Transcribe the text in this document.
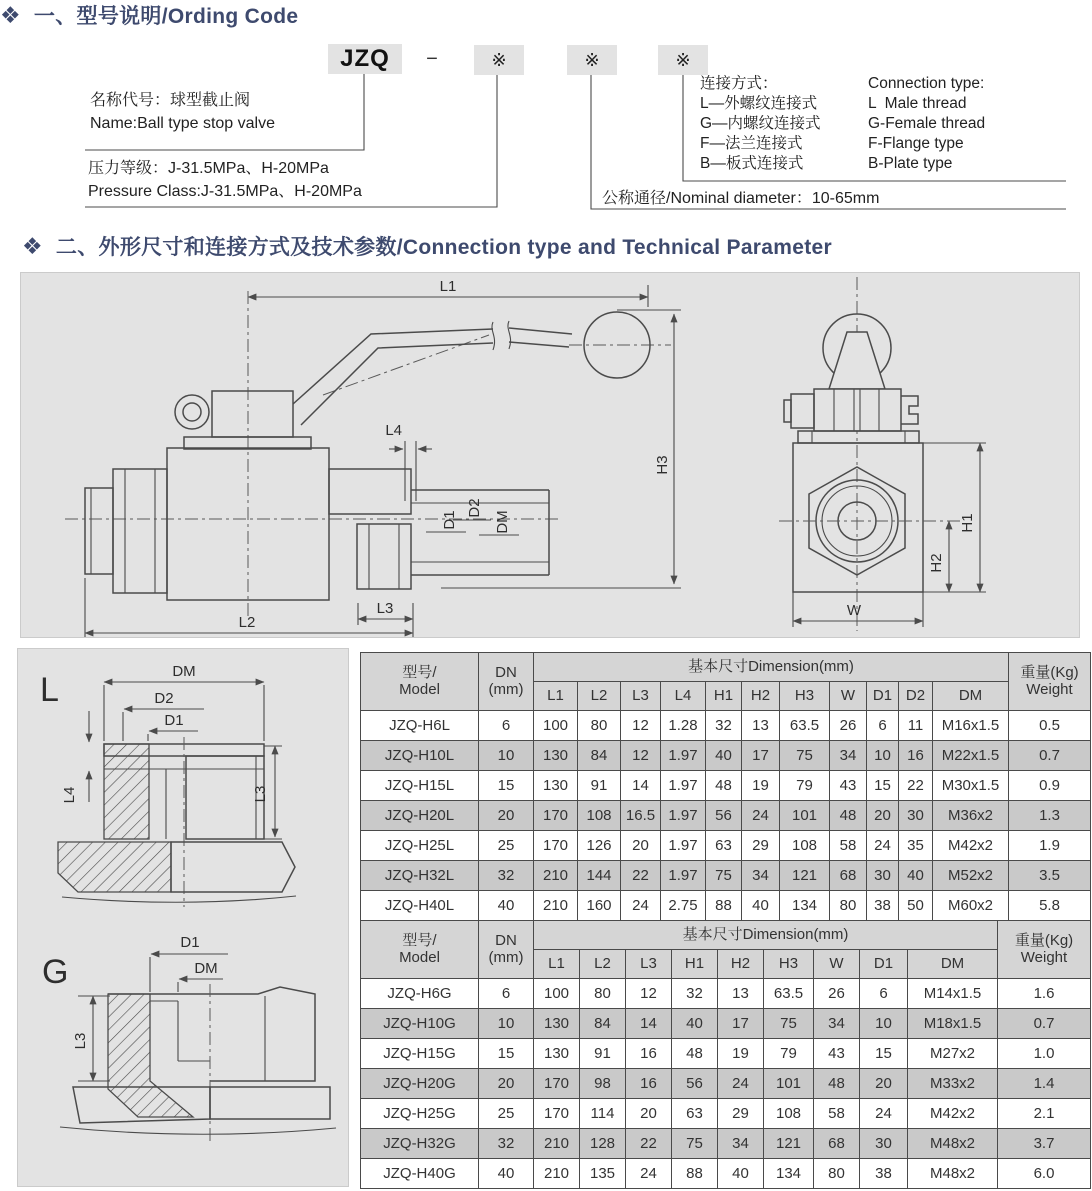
❖ 一、型号说明/Ording Code
JZQ	−	※	※	※
名称代号：球型截止阀
Name:Ball type stop valve
压力等级：J-31.5MPa、H-20MPa
Pressure Class:J-31.5MPa、H-20MPa
连接方式：	Connection type:
L—外螺纹连接式	L  Male thread
G—内螺纹连接式	G-Female thread
F—法兰连接式	F-Flange type
B—板式连接式	B-Plate type
公称通径/Nominal diameter：10-65mm
❖ 二、外形尺寸和连接方式及技术参数/Connection type and Technical Parameter
L1
H3
L4
D1
D2
DM
L3
L2
H1
H2
W
L	DM
D2
D1
L4	L3
G
D1
DM
L3
型号/
Model

DN
(mm)
	基本尺寸Dimension(mm)	重量(Kg)
Weight

		L1	L2	L3	L4	H1	H2	H3	W	D1	D2	DM	
JZQ-H6L	6	100	80	12	1.28	32	13	63.5	26	6	11	M16x1.5	0.5
JZQ-H10L	10	130	84	12	1.97	40	17	75	34	10	16	M22x1.5	0.7
JZQ-H15L	15	130	91	14	1.97	48	19	79	43	15	22	M30x1.5	0.9
JZQ-H20L	20	170	108	16.5	1.97	56	24	101	48	20	30	M36x2	1.3
JZQ-H25L	25	170	126	20	1.97	63	29	108	58	24	35	M42x2	1.9
JZQ-H32L	32	210	144	22	1.97	75	34	121	68	30	40	M52x2	3.5
JZQ-H40L	40	210	160	24	2.75	88	40	134	80	38	50	M60x2	5.8
型号/
Model

DN
(mm)
	基本尺寸Dimension(mm)	重量(Kg)
Weight

		L1	L2	L3	H1	H2	H3	W	D1	DM	
JZQ-H6G	6	100	80	12	32	13	63.5	26	6	M14x1.5	1.6
JZQ-H10G	10	130	84	14	40	17	75	34	10	M18x1.5	0.7
JZQ-H15G	15	130	91	16	48	19	79	43	15	M27x2	1.0
JZQ-H20G	20	170	98	16	56	24	101	48	20	M33x2	1.4
JZQ-H25G	25	170	114	20	63	29	108	58	24	M42x2	2.1
JZQ-H32G	32	210	128	22	75	34	121	68	30	M48x2	3.7
JZQ-H40G	40	210	135	24	88	40	134	80	38	M48x2	6.0
